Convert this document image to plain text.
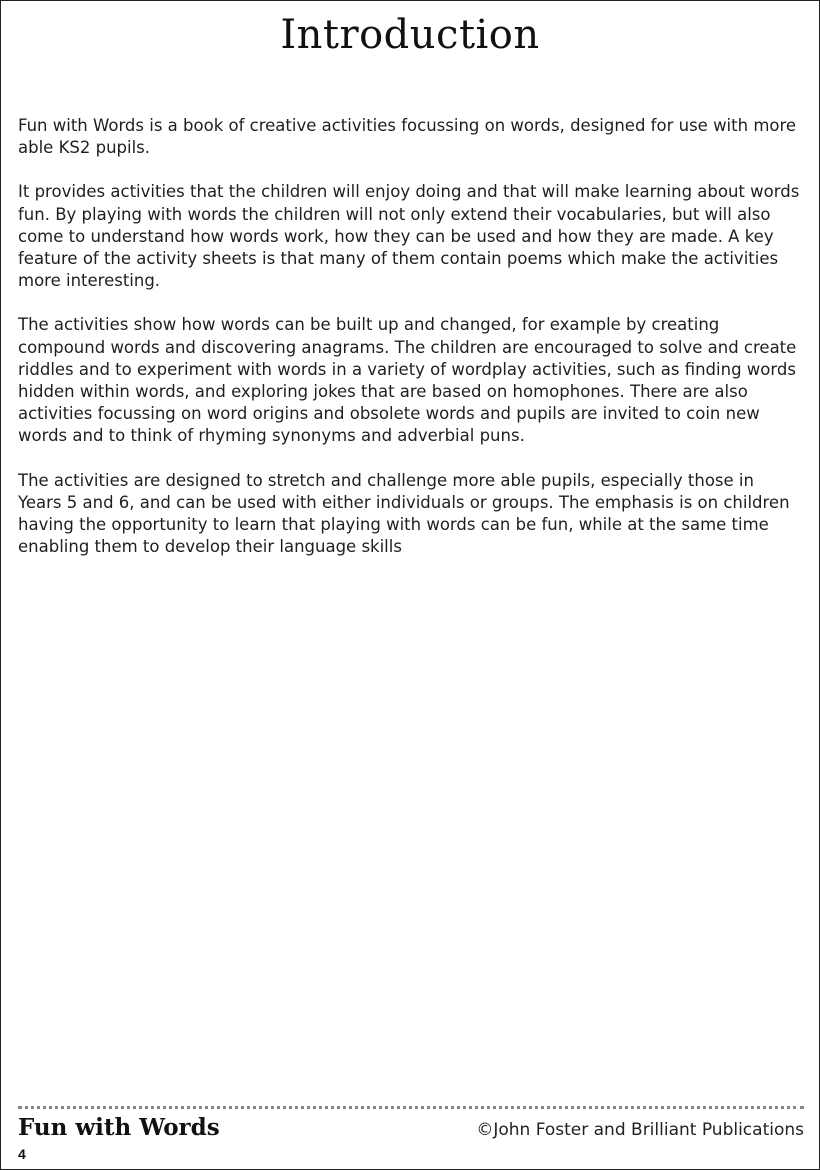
Introduction

Fun with Words is a book of creative activities focussing on words, designed for use with more able KS2 pupils.

It provides activities that the children will enjoy doing and that will make learning about words fun. By playing with words the children will not only extend their vocabularies, but will also come to understand how words work, how they can be used and how they are made. A key feature of the activity sheets is that many of them contain poems which make the activities more interesting.

The activities show how words can be built up and changed, for example by creating compound words and discovering anagrams. The children are encouraged to solve and create riddles and to experiment with words in a variety of wordplay activities, such as finding words hidden within words, and exploring jokes that are based on homophones. There are also activities focussing on word origins and obsolete words and pupils are invited to coin new words and to think of rhyming synonyms and adverbial puns.

The activities are designed to stretch and challenge more able pupils, especially those in Years 5 and 6, and can be used with either individuals or groups. The emphasis is on children having the opportunity to learn that playing with words can be fun, while at the same time enabling them to develop their language skills

Fun with Words	©John Foster and Brilliant Publications
4
